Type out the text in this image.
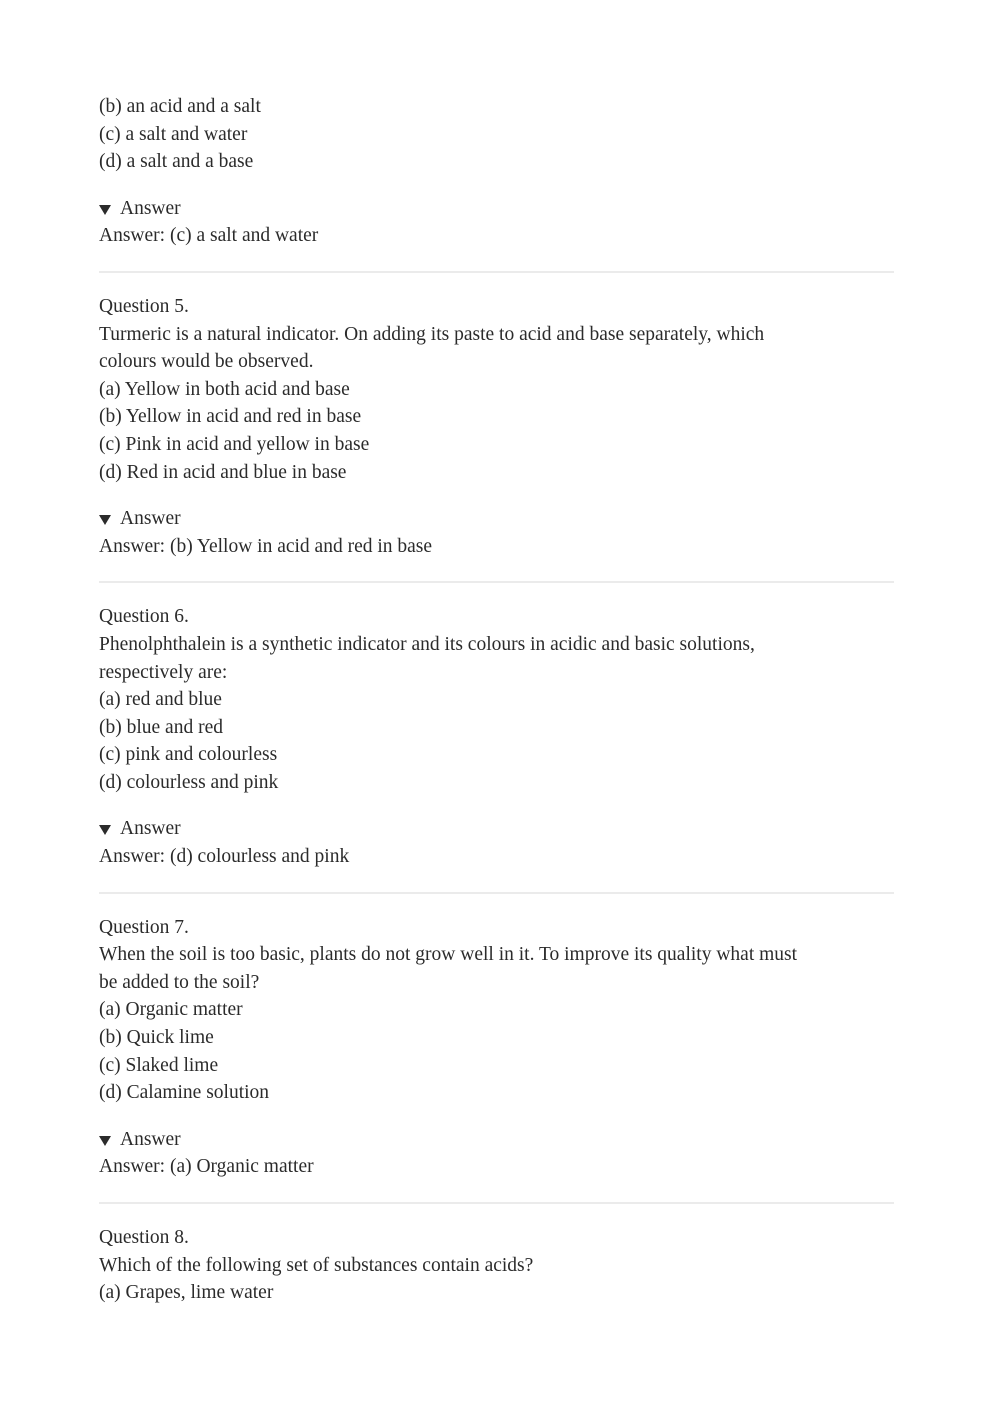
(b) an acid and a salt
(c) a salt and water
(d) a salt and a base
Answer
Answer: (c) a salt and water
Question 5.
Turmeric is a natural indicator. On adding its paste to acid and base separately, which
colours would be observed.
(a) Yellow in both acid and base
(b) Yellow in acid and red in base
(c) Pink in acid and yellow in base
(d) Red in acid and blue in base
Answer
Answer: (b) Yellow in acid and red in base
Question 6.
Phenolphthalein is a synthetic indicator and its colours in acidic and basic solutions,
respectively are:
(a) red and blue
(b) blue and red
(c) pink and colourless
(d) colourless and pink
Answer
Answer: (d) colourless and pink
Question 7.
When the soil is too basic, plants do not grow well in it. To improve its quality what must
be added to the soil?
(a) Organic matter
(b) Quick lime
(c) Slaked lime
(d) Calamine solution
Answer
Answer: (a) Organic matter
Question 8.
Which of the following set of substances contain acids?
(a) Grapes, lime water
